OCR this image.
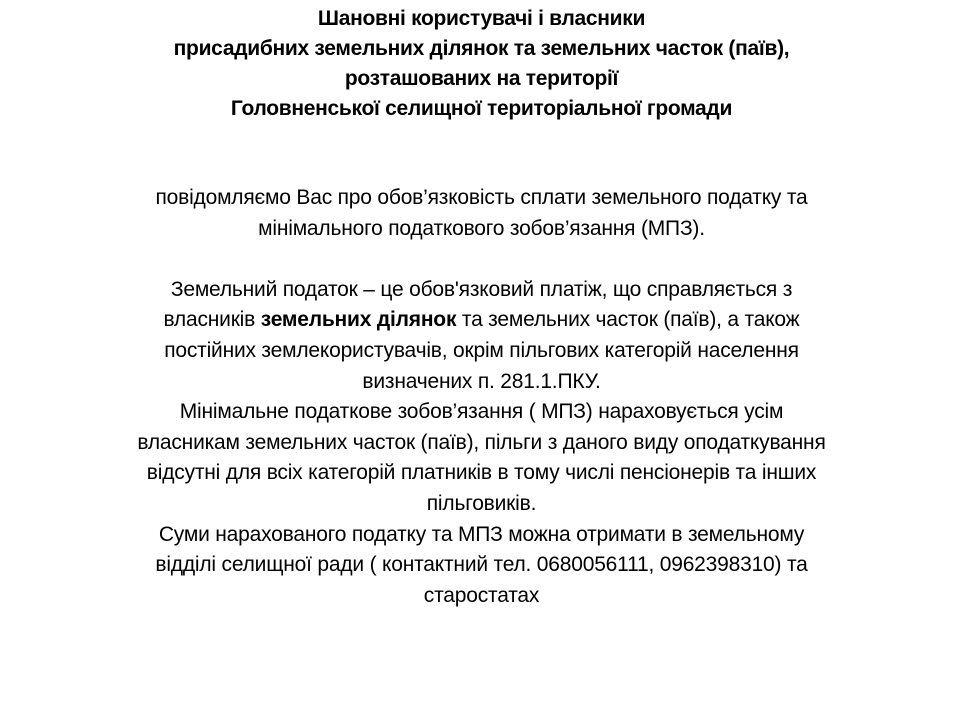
Шановні користувачі і власники
присадибних земельних ділянок та земельних часток (паїв),
розташованих на території
Головненської селищної територіальної громади
повідомляємо Вас про обов’язковість сплати земельного податку та
мінімального податкового зобов’язання (МПЗ).
Земельний податок – це обов'язковий платіж, що справляється з
власників земельних ділянок та земельних часток (паїв), а також
постійних землекористувачів, окрім пільгових категорій населення
визначених п. 281.1.ПКУ.
Мінімальне податкове зобов’язання ( МПЗ) нараховується усім
власникам земельних часток (паїв), пільги з даного виду оподаткування
відсутні для всіх категорій платників в тому числі пенсіонерів та інших
пільговиків.
Суми нарахованого податку та МПЗ можна отримати в земельному
відділі селищної ради ( контактний тел. 0680056111, 0962398310) та
старостатах
